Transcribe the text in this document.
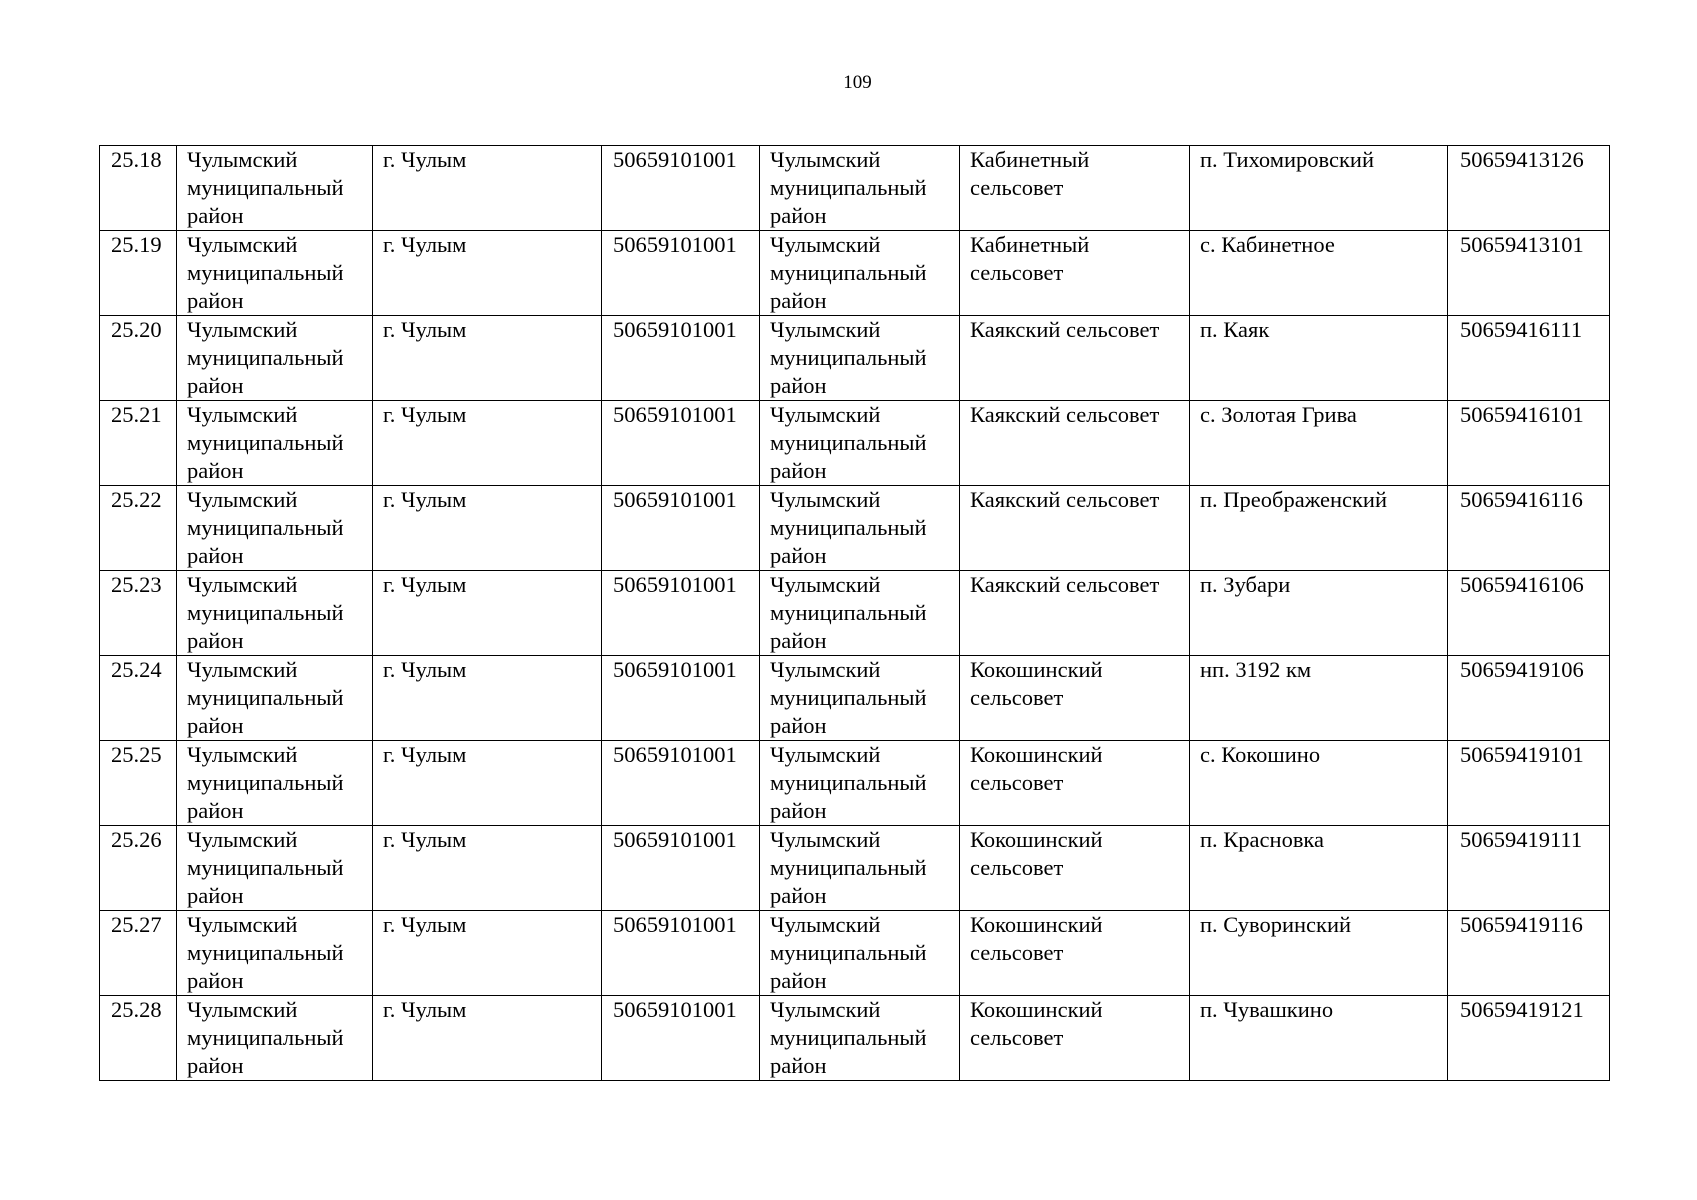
109
25.18	Чулымский муниципальный район	г. Чулым	50659101001	Чулымский муниципальный район	Кабинетный сельсовет	п. Тихомировский	50659413126
25.19	Чулымский муниципальный район	г. Чулым	50659101001	Чулымский муниципальный район	Кабинетный сельсовет	с. Кабинетное	50659413101
25.20	Чулымский муниципальный район	г. Чулым	50659101001	Чулымский муниципальный район	Каякский сельсовет	п. Каяк	50659416111
25.21	Чулымский муниципальный район	г. Чулым	50659101001	Чулымский муниципальный район	Каякский сельсовет	с. Золотая Грива	50659416101
25.22	Чулымский муниципальный район	г. Чулым	50659101001	Чулымский муниципальный район	Каякский сельсовет	п. Преображенский	50659416116
25.23	Чулымский муниципальный район	г. Чулым	50659101001	Чулымский муниципальный район	Каякский сельсовет	п. Зубари	50659416106
25.24	Чулымский муниципальный район	г. Чулым	50659101001	Чулымский муниципальный район	Кокошинский сельсовет	нп. 3192 км	50659419106
25.25	Чулымский муниципальный район	г. Чулым	50659101001	Чулымский муниципальный район	Кокошинский сельсовет	с. Кокошино	50659419101
25.26	Чулымский муниципальный район	г. Чулым	50659101001	Чулымский муниципальный район	Кокошинский сельсовет	п. Красновка	50659419111
25.27	Чулымский муниципальный район	г. Чулым	50659101001	Чулымский муниципальный район	Кокошинский сельсовет	п. Суворинский	50659419116
25.28	Чулымский муниципальный район	г. Чулым	50659101001	Чулымский муниципальный район	Кокошинский сельсовет	п. Чувашкино	50659419121
